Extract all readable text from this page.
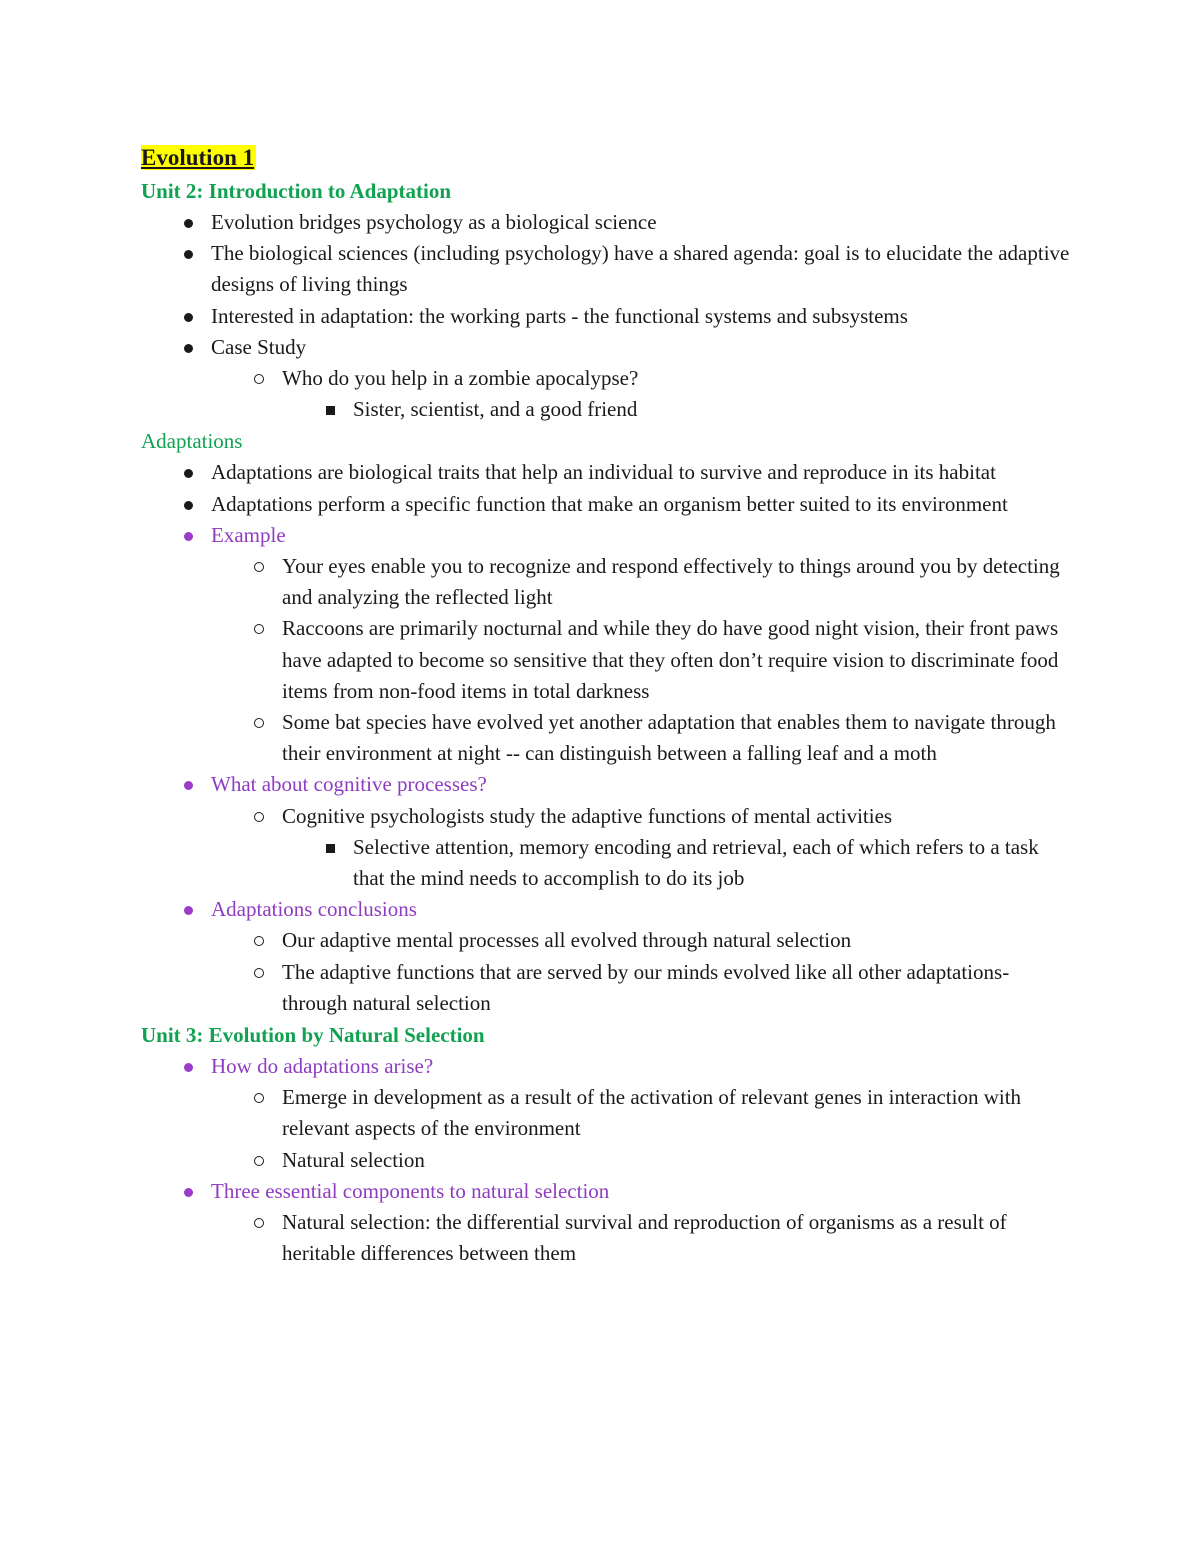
Evolution 1
Unit 2: Introduction to Adaptation
Evolution bridges psychology as a biological science
The biological sciences (including psychology) have a shared agenda: goal is to elucidate the adaptive designs of living things
Interested in adaptation: the working parts - the functional systems and subsystems
Case Study
Who do you help in a zombie apocalypse?
Sister, scientist, and a good friend
Adaptations
Adaptations are biological traits that help an individual to survive and reproduce in its habitat
Adaptations perform a specific function that make an organism better suited to its environment
Example
Your eyes enable you to recognize and respond effectively to things around you by detecting and analyzing the reflected light
Raccoons are primarily nocturnal and while they do have good night vision, their front paws have adapted to become so sensitive that they often don’t require vision to discriminate food items from non-food items in total darkness
Some bat species have evolved yet another adaptation that enables them to navigate through their environment at night -- can distinguish between a falling leaf and a moth
What about cognitive processes?
Cognitive psychologists study the adaptive functions of mental activities
Selective attention, memory encoding and retrieval, each of which refers to a task that the mind needs to accomplish to do its job
Adaptations conclusions
Our adaptive mental processes all evolved through natural selection
The adaptive functions that are served by our minds evolved like all other adaptations- through natural selection
Unit 3: Evolution by Natural Selection
How do adaptations arise?
Emerge in development as a result of the activation of relevant genes in interaction with relevant aspects of the environment
Natural selection
Three essential components to natural selection
Natural selection: the differential survival and reproduction of organisms as a result of heritable differences between them
